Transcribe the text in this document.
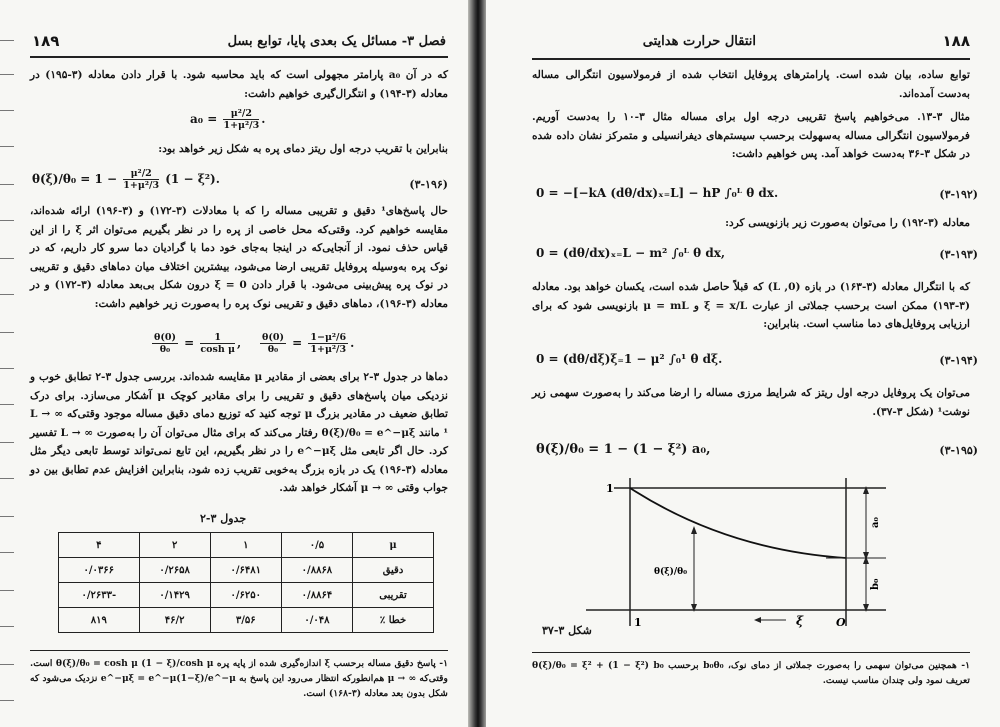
۱۸۹	فصل ۳- مسائل یک بعدی پایا، توابع بسل
که در آن a₀ پارامتر مجهولی است که باید محاسبه شود. با قرار دادن معادله (۳-۱۹۵) در معادله (۳-۱۹۴) و انتگرال‌گیری خواهیم داشت:
$a_0 = \frac{\text{μ²/2}}{\text{1+μ²/3}}$ .
بنابراین با تقریب درجه اول ریتز دمای پره به شکل زیر خواهد بود:
$\theta(\xi)/\theta_0 = 1 - \frac{\text{μ²/2}}{\text{1+μ²/3}} (1 - \xi^2)$.	(۳-۱۹۶)
حال پاسخ‌های¹ دقیق و تقریبی مساله را که با معادلات (۳-۱۷۲) و (۳-۱۹۶) ارائه شده‌اند، مقایسه خواهیم کرد. وقتی‌که محل خاصی از پره را در نظر بگیریم می‌توان اثر ξ را از این قیاس حذف نمود. از آنجایی‌که در اینجا به‌جای خود دما با گرادیان دما سرو کار داریم، که در نوک پره به‌وسیله پروفایل تقریبی ارضا می‌شود، بیشترین اختلاف میان دماهای دقیق و تقریبی در نوک پره پیش‌بینی می‌شود. با قرار دادن ξ = 0 درون شکل بی‌بعد معادله (۳-۱۷۲) و در معادله (۳-۱۹۶)، دماهای دقیق و تقریبی نوک پره را به‌صورت زیر خواهیم داشت:
$\frac{\theta(0)}{\text{θ₀}} = \frac{1}{\text{cosh μ}}$ , $\frac{\theta(0)}{\text{θ₀}} = \frac{\text{1−μ²/6}}{\text{1+μ²/3}}$ .
دماها در جدول ۳-۲ برای بعضی از مقادیر μ مقایسه شده‌اند. بررسی جدول ۳-۲ تطابق خوب و نزدیکی میان پاسخ‌های دقیق و تقریبی را برای مقادیر کوچک μ آشکار می‌سازد. برای درک تطابق ضعیف در مقادیر بزرگ μ توجه کنید که توزیع دمای دقیق مساله موجود وقتی‌که ∞ → L ¹ مانند θ(ξ)/θ₀ = e^−μξ رفتار می‌کند که برای مثال می‌توان آن را به‌صورت ∞ → L تفسیر کرد. حال اگر تابعی مثل e^−μξ را در نظر بگیریم، این تابع نمی‌تواند توسط تابعی دیگر مثل معادله (۳-۱۹۶) یک در بازه بزرگ به‌خوبی تقریب زده شود، بنابراین افزایش عدم تطابق بین دو جواب وقتی ∞ → μ آشکار خواهد شد.
جدول ۳-۲
μ	۰/۵	۱	۲	۴
دقیق	۰/۸۸۶۸	۰/۶۴۸۱	۰/۲۶۵۸	۰/۰۳۶۶
تقریبی	۰/۸۸۶۴	۰/۶۲۵۰	۰/۱۴۲۹	-۰/۲۶۳۳
خطا ٪	۰/۰۴۸	۳/۵۶	۴۶/۲	۸۱۹
۱- پاسخ دقیق مساله برحسب ξ اندازه‌گیری شده از پایه پره θ(ξ)/θ₀ = cosh μ (1 − ξ)/cosh μ است. وقتی‌که ∞ → μ هم‌انطورکه انتظار می‌رود این پاسخ به e^−μξ = e^−μ(1−ξ)/e^−μ نزدیک می‌شود که شکل بدون بعد معادله (۳-۱۶۸) است.
۱۸۸
انتقال حرارت هدایتی
توابع ساده، بیان شده است. پارامترهای پروفایل انتخاب شده از فرمولاسیون انتگرالی مساله به‌دست آمده‌اند.
مثال ۳-۱۳. می‌خواهیم پاسخ تقریبی درجه اول برای مساله مثال ۳-۱۰ را به‌دست آوریم. فرمولاسیون انتگرالی مساله به‌سهولت برحسب سیستم‌های دیفرانسیلی و متمرکز نشان داده شده در شکل ۳-۳۶ به‌دست خواهد آمد. پس خواهیم داشت:
0 = −[−kA (dθ/dx)ₓ₌L] − hP ∫₀ᴸ θ dx.	(۳-۱۹۲)
معادله (۳-۱۹۲) را می‌توان به‌صورت زیر بازنویسی کرد:
0 = (dθ/dx)ₓ₌L − m² ∫₀ᴸ θ dx,	(۳-۱۹۳)
که با انتگرال معادله (۳-۱۶۳) در بازه (0, L) که قبلاً حاصل شده است، یکسان خواهد بود. معادله (۳-۱۹۳) ممکن است برحسب جملاتی از عبارت ξ = x/L و μ = mL بازنویسی شود که برای ارزیابی پروفایل‌های دما مناسب است. بنابراین:
0 = (dθ/dξ)ξ₌1 − μ² ∫₀¹ θ dξ.	(۳-۱۹۴)
می‌توان یک پروفایل درجه اول ریتز که شرایط مرزی مساله را ارضا می‌کند را به‌صورت سهمی زیر نوشت¹ (شکل ۳-۳۷).
θ(ξ)/θ₀ = 1 − (1 − ξ²) a₀,	(۳-۱۹۵)
1
1	ξ	O
θ(ξ)/θ₀
a₀
b₀
شکل ۳-۳۷
۱- همچنین می‌توان سهمی را به‌صورت جملاتی از دمای نوک، b₀θ₀ برحسب θ(ξ)/θ₀ = ξ² + (1 − ξ²) b₀ تعریف نمود ولی چندان مناسب نیست.
